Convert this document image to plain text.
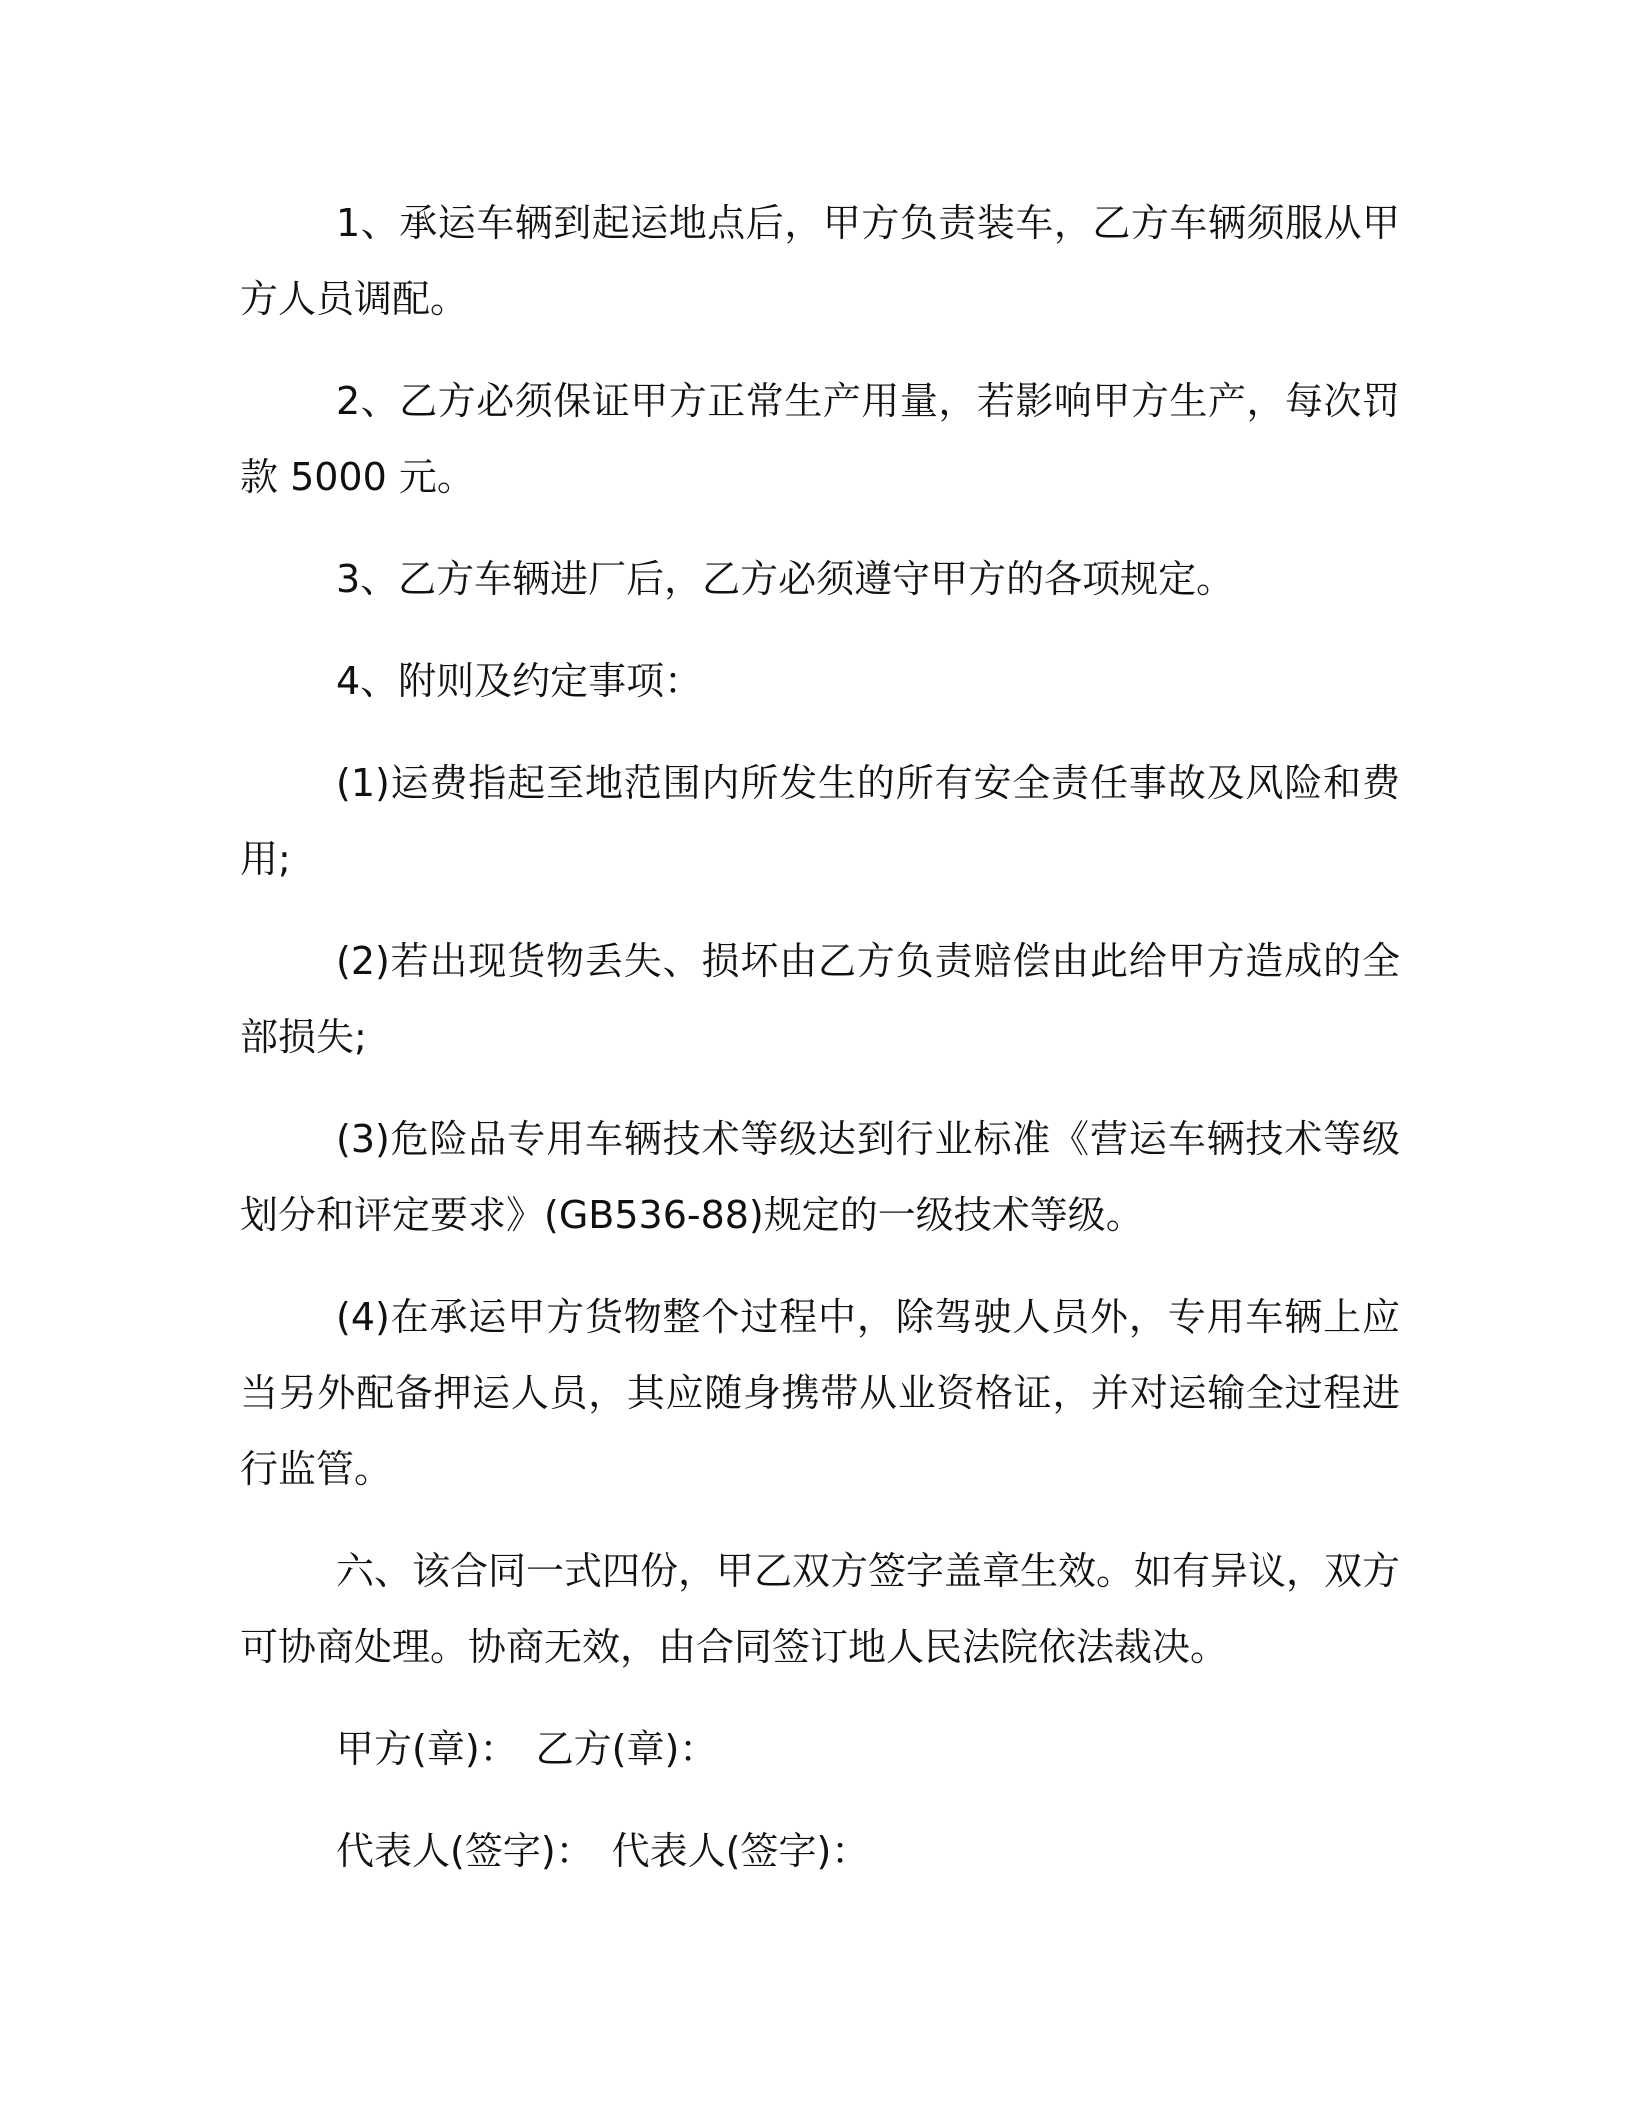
1、承运车辆到起运地点后，甲方负责装车，乙方车辆须服从甲方人员调配。

2、乙方必须保证甲方正常生产用量，若影响甲方生产，每次罚款 5000 元。

3、乙方车辆进厂后，乙方必须遵守甲方的各项规定。

4、附则及约定事项：

(1)运费指起至地范围内所发生的所有安全责任事故及风险和费用;

(2)若出现货物丢失、损坏由乙方负责赔偿由此给甲方造成的全部损失;

(3)危险品专用车辆技术等级达到行业标准《营运车辆技术等级划分和评定要求》(GB536-88)规定的一级技术等级。

(4)在承运甲方货物整个过程中，除驾驶人员外，专用车辆上应当另外配备押运人员，其应随身携带从业资格证，并对运输全过程进行监管。

六、该合同一式四份，甲乙双方签字盖章生效。如有异议，双方可协商处理。协商无效，由合同签订地人民法院依法裁决。

甲方(章)： 乙方(章)：

代表人(签字)： 代表人(签字)：
